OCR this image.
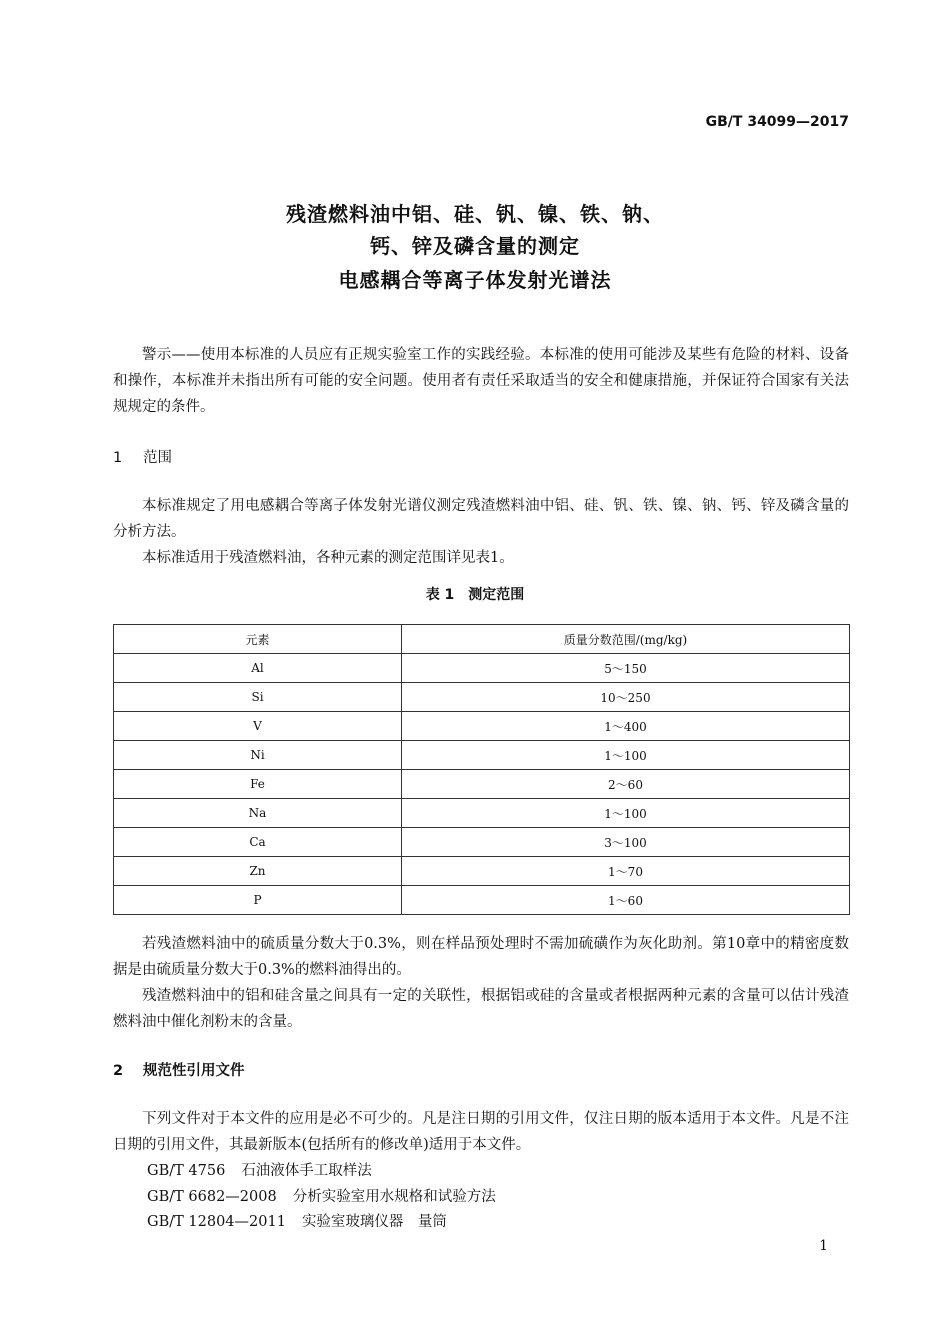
GB/T 34099—2017
残渣燃料油中铝、硅、钒、镍、铁、钠、
钙、锌及磷含量的测定
电感耦合等离子体发射光谱法

警示——使用本标准的人员应有正规实验室工作的实践经验。本标准的使用可能涉及某些有危险的材料、设备和操作，本标准并未指出所有可能的安全问题。使用者有责任采取适当的安全和健康措施，并保证符合国家有关法规规定的条件。

1 范围

本标准规定了用电感耦合等离子体发射光谱仪测定残渣燃料油中铝、硅、钒、铁、镍、钠、钙、锌及磷含量的分析方法。

本标准适用于残渣燃料油，各种元素的测定范围详见表1。

表 1　测定范围
元素	质量分数范围/(mg/kg)
Al	5～150
Si	10～250
V	1～400
Ni	1～100
Fe	2～60
Na	1～100
Ca	3～100
Zn	1～70
P	1～60

若残渣燃料油中的硫质量分数大于0.3%，则在样品预处理时不需加硫磺作为灰化助剂。第10章中的精密度数据是由硫质量分数大于0.3%的燃料油得出的。

残渣燃料油中的铝和硅含量之间具有一定的关联性，根据铝或硅的含量或者根据两种元素的含量可以估计残渣燃料油中催化剂粉末的含量。

2 规范性引用文件

下列文件对于本文件的应用是必不可少的。凡是注日期的引用文件，仅注日期的版本适用于本文件。凡是不注日期的引用文件，其最新版本(包括所有的修改单)适用于本文件。

GB/T 4756 石油液体手工取样法
GB/T 6682—2008 分析实验室用水规格和试验方法
GB/T 12804—2011 实验室玻璃仪器　量筒
1
